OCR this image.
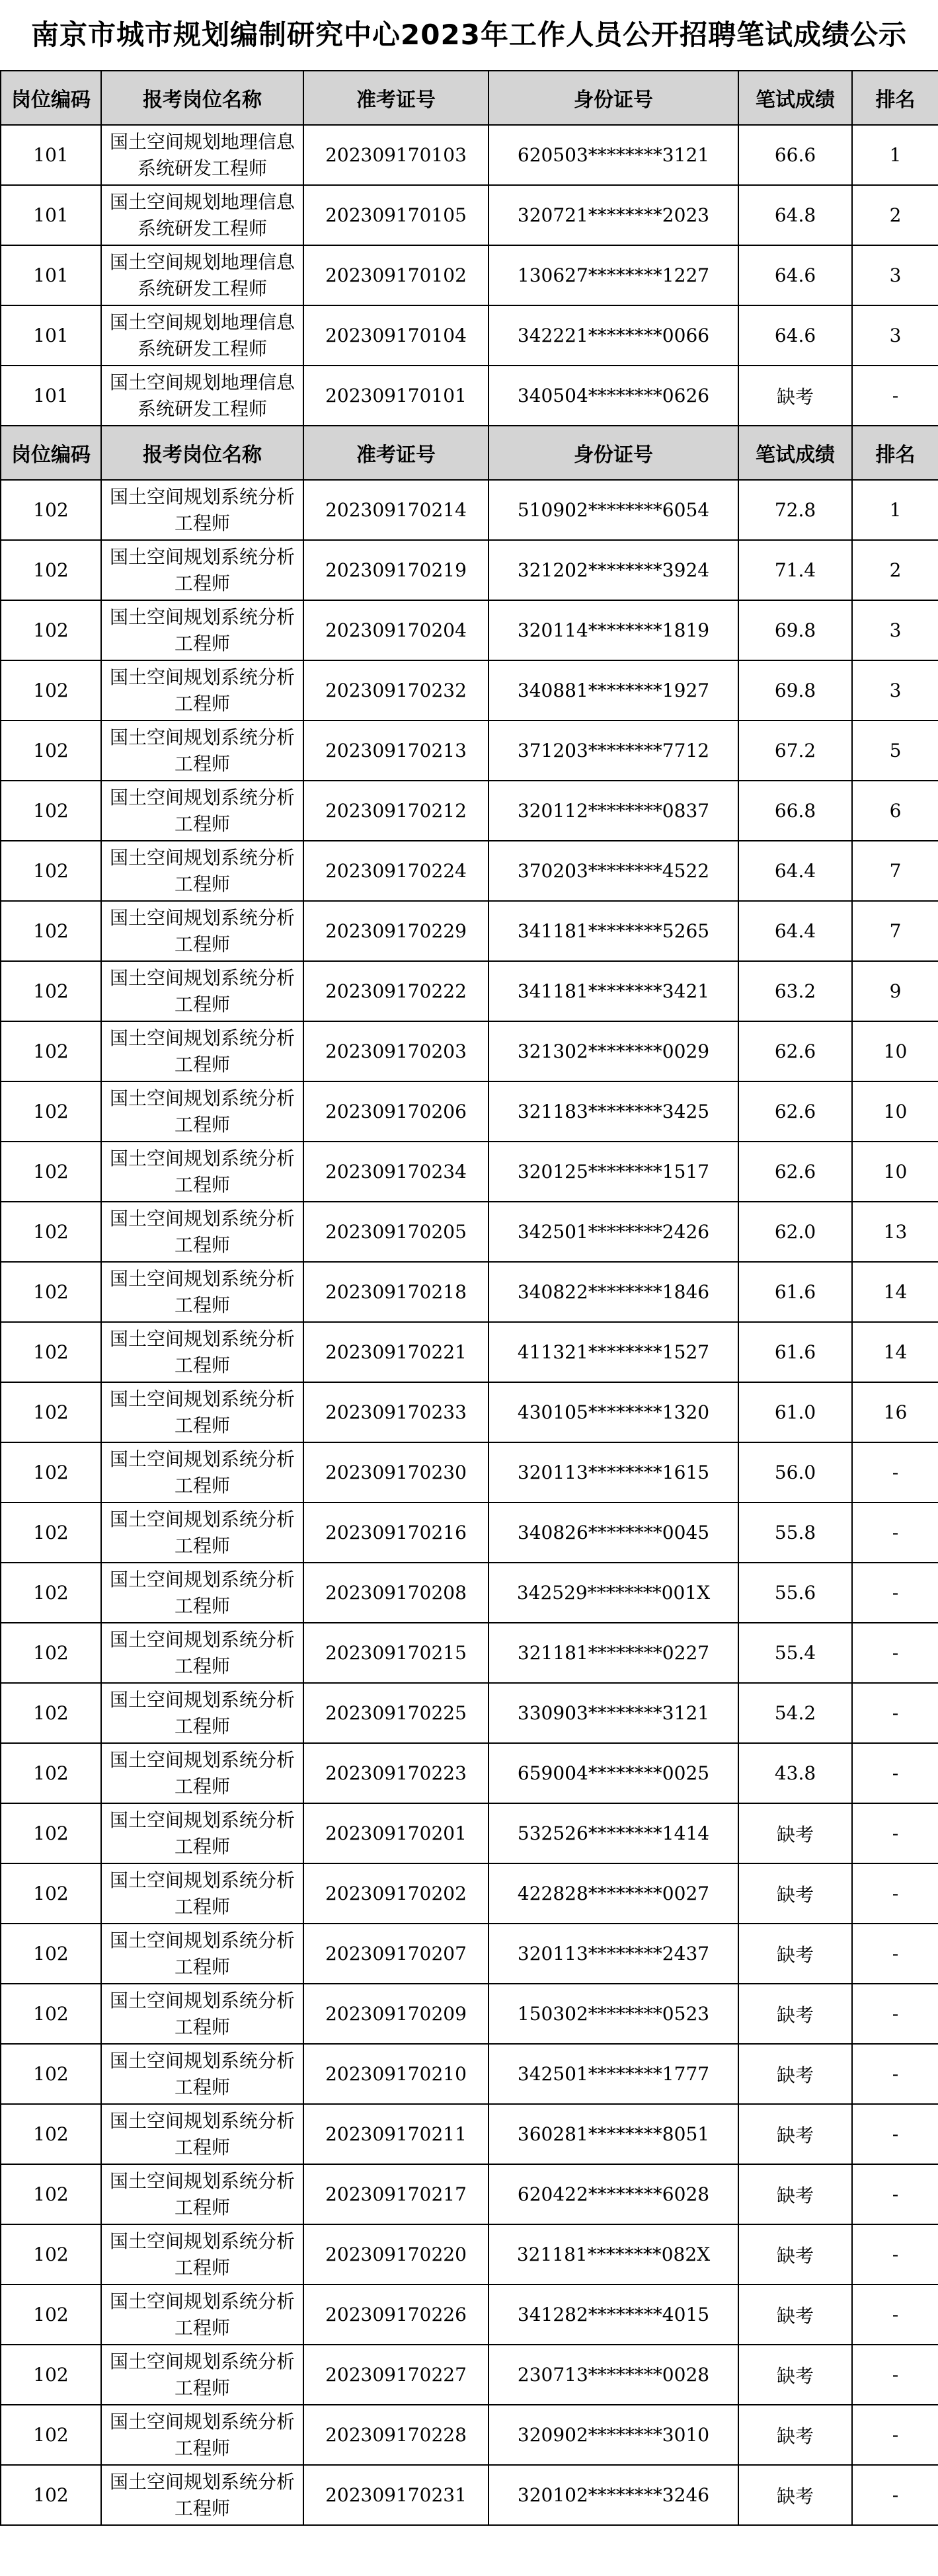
南京市城市规划编制研究中心2023年工作人员公开招聘笔试成绩公示
岗位编码	报考岗位名称	准考证号	身份证号	笔试成绩	排名
101	国土空间规划地理信息系统研发工程师	202309170103	620503********3121	66.6	1
101	国土空间规划地理信息系统研发工程师	202309170105	320721********2023	64.8	2
101	国土空间规划地理信息系统研发工程师	202309170102	130627********1227	64.6	3
101	国土空间规划地理信息系统研发工程师	202309170104	342221********0066	64.6	3
101	国土空间规划地理信息系统研发工程师	202309170101	340504********0626	缺考	-
岗位编码	报考岗位名称	准考证号	身份证号	笔试成绩	排名
102	国土空间规划系统分析工程师	202309170214	510902********6054	72.8	1
102	国土空间规划系统分析工程师	202309170219	321202********3924	71.4	2
102	国土空间规划系统分析工程师	202309170204	320114********1819	69.8	3
102	国土空间规划系统分析工程师	202309170232	340881********1927	69.8	3
102	国土空间规划系统分析工程师	202309170213	371203********7712	67.2	5
102	国土空间规划系统分析工程师	202309170212	320112********0837	66.8	6
102	国土空间规划系统分析工程师	202309170224	370203********4522	64.4	7
102	国土空间规划系统分析工程师	202309170229	341181********5265	64.4	7
102	国土空间规划系统分析工程师	202309170222	341181********3421	63.2	9
102	国土空间规划系统分析工程师	202309170203	321302********0029	62.6	10
102	国土空间规划系统分析工程师	202309170206	321183********3425	62.6	10
102	国土空间规划系统分析工程师	202309170234	320125********1517	62.6	10
102	国土空间规划系统分析工程师	202309170205	342501********2426	62.0	13
102	国土空间规划系统分析工程师	202309170218	340822********1846	61.6	14
102	国土空间规划系统分析工程师	202309170221	411321********1527	61.6	14
102	国土空间规划系统分析工程师	202309170233	430105********1320	61.0	16
102	国土空间规划系统分析工程师	202309170230	320113********1615	56.0	-
102	国土空间规划系统分析工程师	202309170216	340826********0045	55.8	-
102	国土空间规划系统分析工程师	202309170208	342529********001X	55.6	-
102	国土空间规划系统分析工程师	202309170215	321181********0227	55.4	-
102	国土空间规划系统分析工程师	202309170225	330903********3121	54.2	-
102	国土空间规划系统分析工程师	202309170223	659004********0025	43.8	-
102	国土空间规划系统分析工程师	202309170201	532526********1414	缺考	-
102	国土空间规划系统分析工程师	202309170202	422828********0027	缺考	-
102	国土空间规划系统分析工程师	202309170207	320113********2437	缺考	-
102	国土空间规划系统分析工程师	202309170209	150302********0523	缺考	-
102	国土空间规划系统分析工程师	202309170210	342501********1777	缺考	-
102	国土空间规划系统分析工程师	202309170211	360281********8051	缺考	-
102	国土空间规划系统分析工程师	202309170217	620422********6028	缺考	-
102	国土空间规划系统分析工程师	202309170220	321181********082X	缺考	-
102	国土空间规划系统分析工程师	202309170226	341282********4015	缺考	-
102	国土空间规划系统分析工程师	202309170227	230713********0028	缺考	-
102	国土空间规划系统分析工程师	202309170228	320902********3010	缺考	-
102	国土空间规划系统分析工程师	202309170231	320102********3246	缺考	-
